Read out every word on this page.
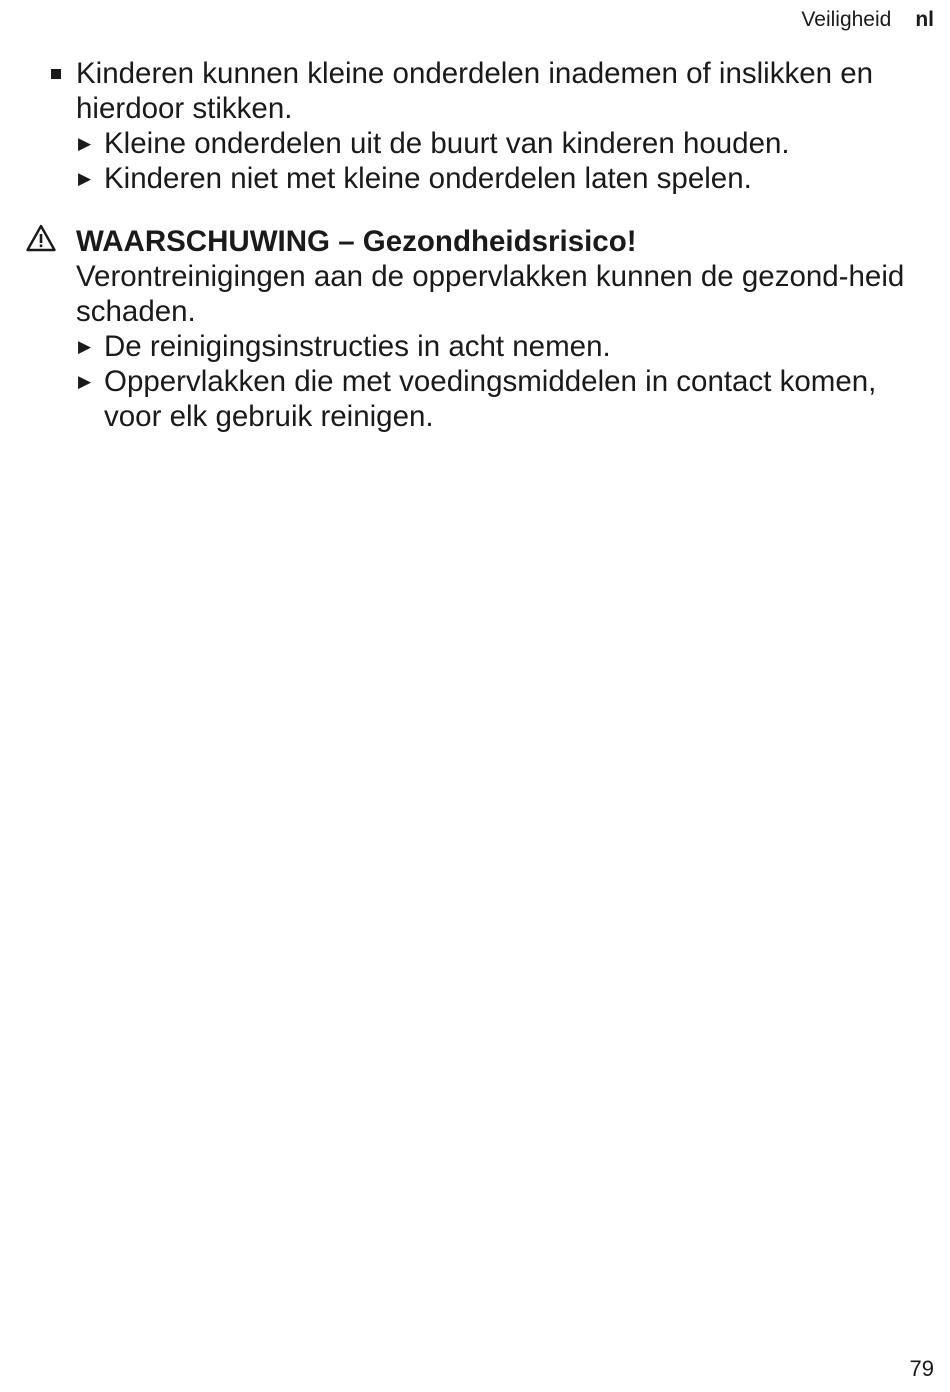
Veiligheid nl
Kinderen kunnen kleine onderdelen inademen of inslikken en hierdoor stikken.
▶ Kleine onderdelen uit de buurt van kinderen houden.
▶ Kinderen niet met kleine onderdelen laten spelen.
WAARSCHUWING – Gezondheidsrisico!
Verontreinigingen aan de oppervlakken kunnen de gezond-heid schaden.
▶ De reinigingsinstructies in acht nemen.
▶ Oppervlakken die met voedingsmiddelen in contact komen, voor elk gebruik reinigen.
79
